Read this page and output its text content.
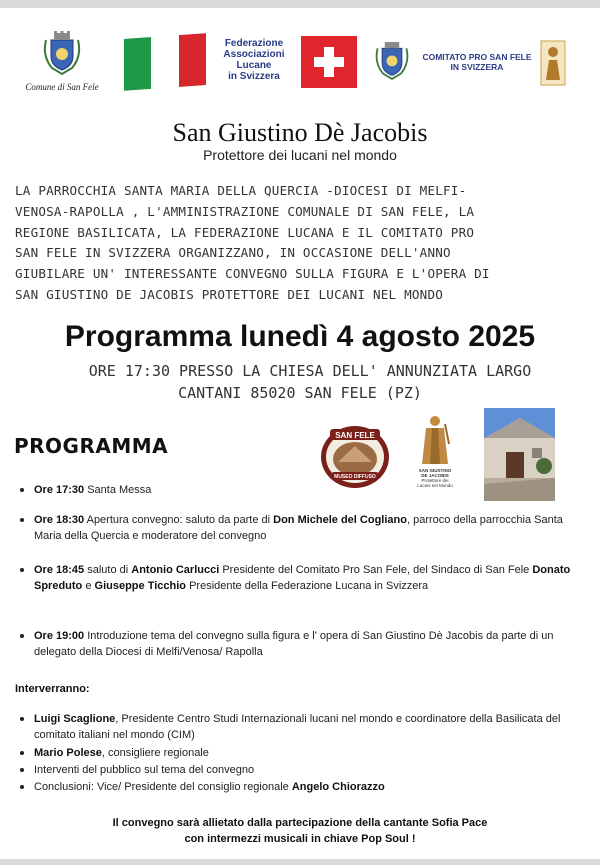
Comune di San Fele
Federazione
Associazioni
Lucane
in Svizzera
COMITATO PRO SAN FELE
IN SVIZZERA
San Giustino Dè Jacobis
Protettore dei lucani nel mondo
LA PARROCCHIA SANTA MARIA DELLA QUERCIA -DIOCESI DI MELFI-
VENOSA-RAPOLLA , L'AMMINISTRAZIONE COMUNALE DI SAN FELE, LA
REGIONE BASILICATA, LA FEDERAZIONE LUCANA E IL COMITATO PRO
SAN FELE IN SVIZZERA ORGANIZZANO, IN OCCASIONE DELL'ANNO
GIUBILARE UN' INTERESSANTE CONVEGNO SULLA FIGURA E L'OPERA DI
SAN GIUSTINO DE JACOBIS PROTETTORE DEI LUCANI NEL MONDO
Programma lunedì 4 agosto 2025
ORE 17:30 PRESSO LA CHIESA DELL' ANNUNZIATA LARGO
CANTANI 85020 SAN FELE (PZ)
PROGRAMMA	SAN FELE
MUSEO DIFFUSO
SAN GIUSTINO
DE JACOBIS
Protettore dei
Lucani nel Mondo
Ore 17:30 Santa Messa
Ore 18:30 Apertura convegno: saluto da parte di Don Michele del Cogliano, parroco della parrocchia Santa Maria della Quercia e moderatore del convegno
Ore 18:45 saluto di Antonio Carlucci Presidente del Comitato Pro San Fele, del Sindaco di San Fele Donato Spreduto e Giuseppe Ticchio Presidente della Federazione Lucana in Svizzera
Ore 19:00 Introduzione tema del convegno sulla figura e l' opera di San Giustino Dè Jacobis da parte di un delegato della Diocesi di Melfi/Venosa/ Rapolla
Interverranno:
Luigi Scaglione, Presidente Centro Studi Internazionali lucani nel mondo e coordinatore della Basilicata del comitato italiani nel mondo (CIM)
Mario Polese, consigliere regionale
Interventi del pubblico sul tema del convegno
Conclusioni: Vice/ Presidente del consiglio regionale Angelo Chiorazzo
Il convegno sarà allietato dalla partecipazione della cantante Sofia Pace
con intermezzi musicali in chiave Pop Soul !
